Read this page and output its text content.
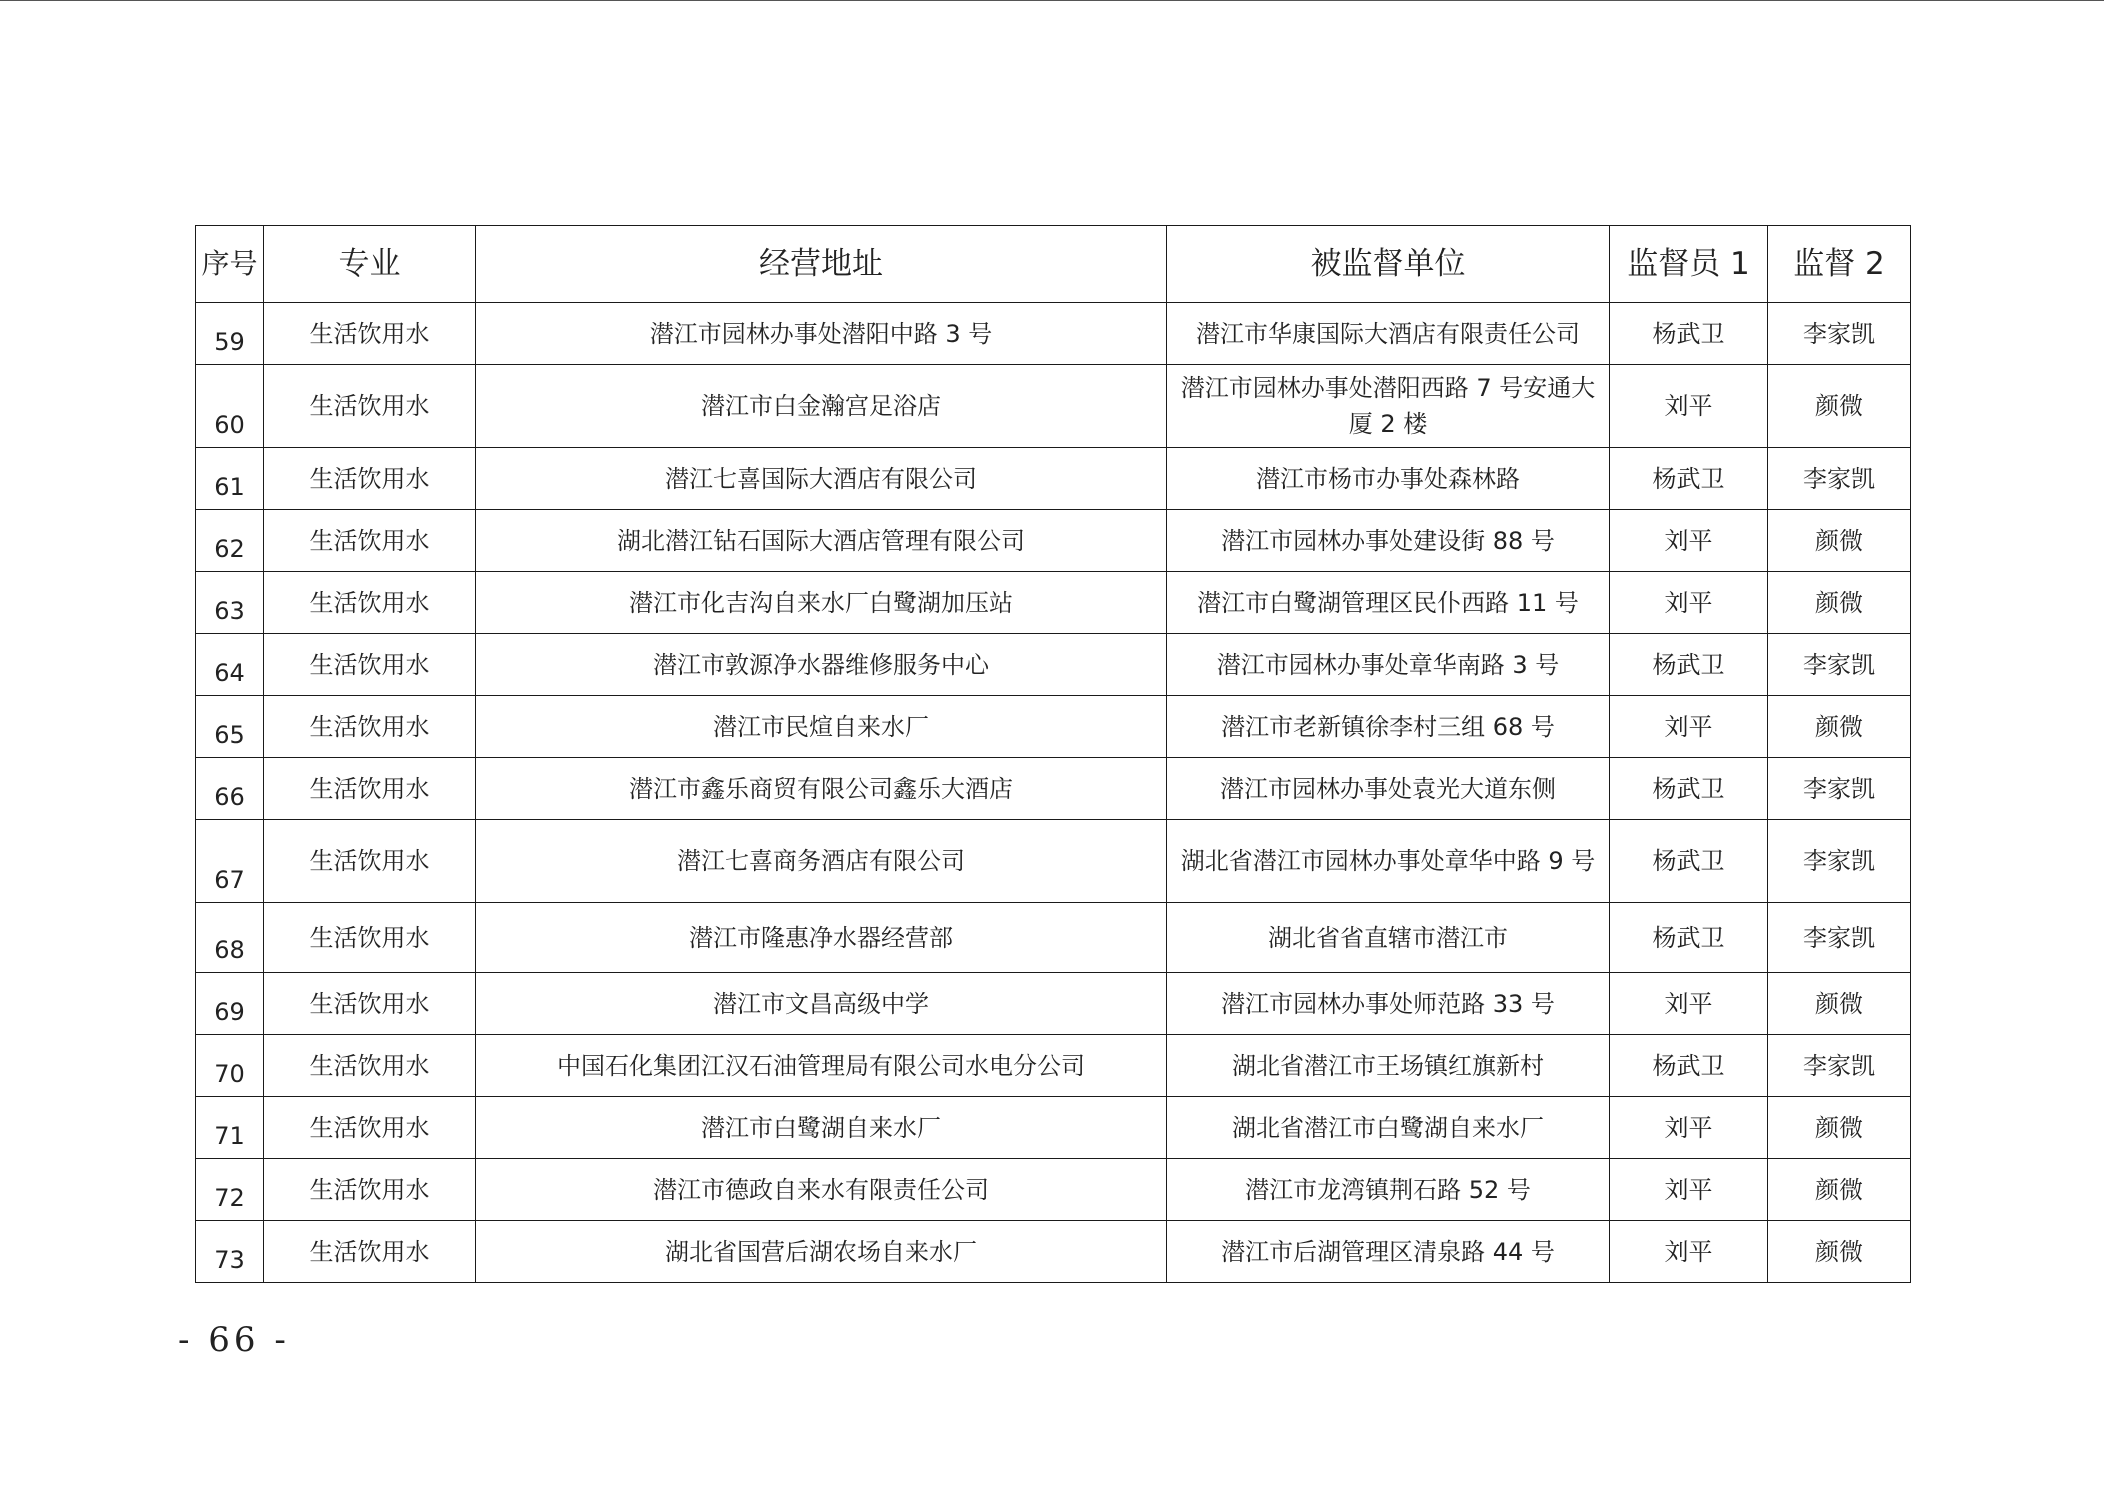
序号	专业	经营地址	被监督单位	监督员 1	监督 2
59	生活饮用水	潜江市园林办事处潜阳中路 3 号	潜江市华康国际大酒店有限责任公司	杨武卫	李家凯
60	生活饮用水	潜江市白金瀚宫足浴店	潜江市园林办事处潜阳西路 7 号安通大厦 2 楼	刘平	颜微
61	生活饮用水	潜江七喜国际大酒店有限公司	潜江市杨市办事处森林路	杨武卫	李家凯
62	生活饮用水	湖北潜江钻石国际大酒店管理有限公司	潜江市园林办事处建设街 88 号	刘平	颜微
63	生活饮用水	潜江市化吉沟自来水厂白鹭湖加压站	潜江市白鹭湖管理区民仆西路 11 号	刘平	颜微
64	生活饮用水	潜江市敦源净水器维修服务中心	潜江市园林办事处章华南路 3 号	杨武卫	李家凯
65	生活饮用水	潜江市民煊自来水厂	潜江市老新镇徐李村三组 68 号	刘平	颜微
66	生活饮用水	潜江市鑫乐商贸有限公司鑫乐大酒店	潜江市园林办事处袁光大道东侧	杨武卫	李家凯
67	生活饮用水	潜江七喜商务酒店有限公司	湖北省潜江市园林办事处章华中路 9 号	杨武卫	李家凯
68	生活饮用水	潜江市隆惠净水器经营部	湖北省省直辖市潜江市	杨武卫	李家凯
69	生活饮用水	潜江市文昌高级中学	潜江市园林办事处师范路 33 号	刘平	颜微
70	生活饮用水	中国石化集团江汉石油管理局有限公司水电分公司	湖北省潜江市王场镇红旗新村	杨武卫	李家凯
71	生活饮用水	潜江市白鹭湖自来水厂	湖北省潜江市白鹭湖自来水厂	刘平	颜微
72	生活饮用水	潜江市德政自来水有限责任公司	潜江市龙湾镇荆石路 52 号	刘平	颜微
73	生活饮用水	湖北省国营后湖农场自来水厂	潜江市后湖管理区清泉路 44 号	刘平	颜微
- 66 -
